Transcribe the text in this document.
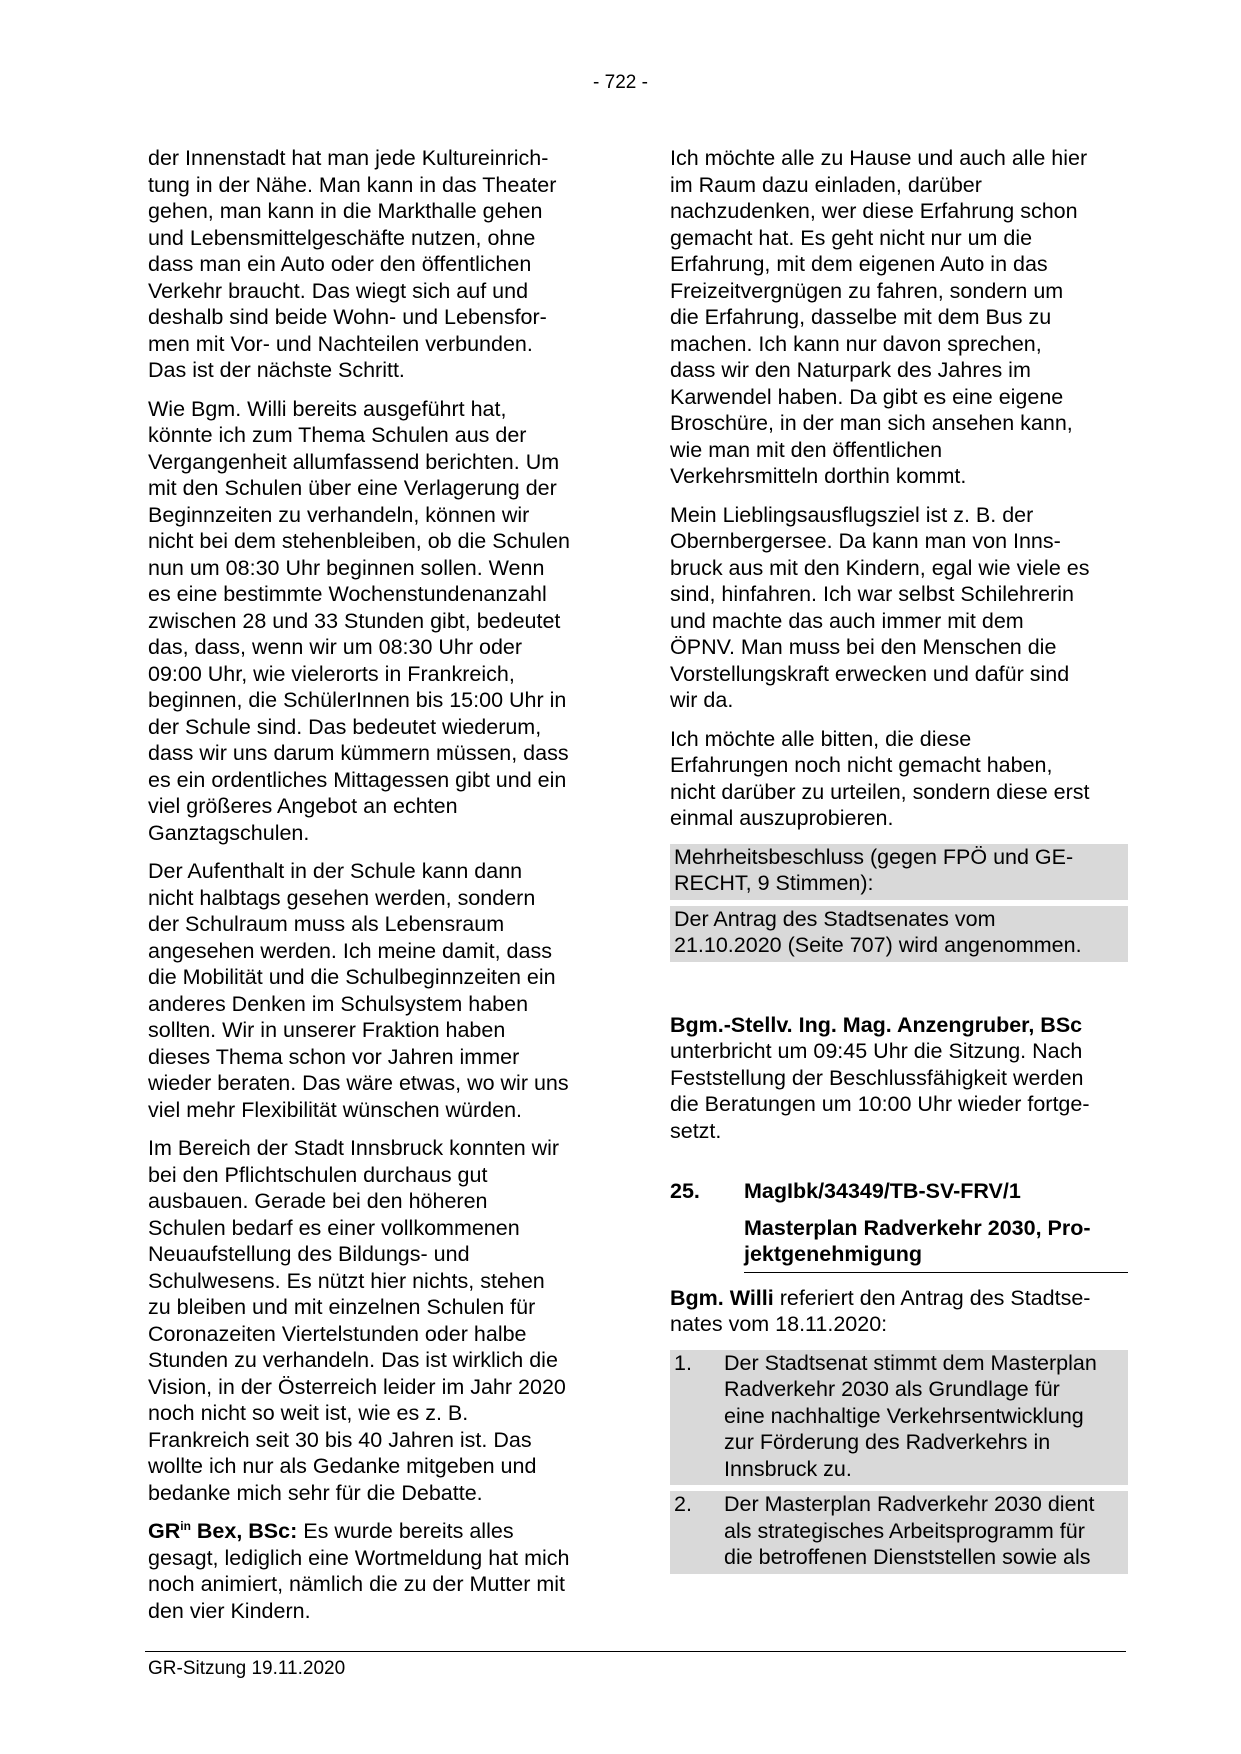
- 722 -

der Innenstadt hat man jede Kultureinrich-
tung in der Nähe. Man kann in das Theater
gehen, man kann in die Markthalle gehen
und Lebensmittelgeschäfte nutzen, ohne
dass man ein Auto oder den öffentlichen
Verkehr braucht. Das wiegt sich auf und
deshalb sind beide Wohn- und Lebensfor-
men mit Vor- und Nachteilen verbunden.
Das ist der nächste Schritt.

Wie Bgm. Willi bereits ausgeführt hat,
könnte ich zum Thema Schulen aus der
Vergangenheit allumfassend berichten. Um
mit den Schulen über eine Verlagerung der
Beginnzeiten zu verhandeln, können wir
nicht bei dem stehenbleiben, ob die Schulen
nun um 08:30 Uhr beginnen sollen. Wenn
es eine bestimmte Wochenstundenanzahl
zwischen 28 und 33 Stunden gibt, bedeutet
das, dass, wenn wir um 08:30 Uhr oder
09:00 Uhr, wie vielerorts in Frankreich,
beginnen, die SchülerInnen bis 15:00 Uhr in
der Schule sind. Das bedeutet wiederum,
dass wir uns darum kümmern müssen, dass
es ein ordentliches Mittagessen gibt und ein
viel größeres Angebot an echten
Ganztagschulen.

Der Aufenthalt in der Schule kann dann
nicht halbtags gesehen werden, sondern
der Schulraum muss als Lebensraum
angesehen werden. Ich meine damit, dass
die Mobilität und die Schulbeginnzeiten ein
anderes Denken im Schulsystem haben
sollten. Wir in unserer Fraktion haben
dieses Thema schon vor Jahren immer
wieder beraten. Das wäre etwas, wo wir uns
viel mehr Flexibilität wünschen würden.

Im Bereich der Stadt Innsbruck konnten wir
bei den Pflichtschulen durchaus gut
ausbauen. Gerade bei den höheren
Schulen bedarf es einer vollkommenen
Neuaufstellung des Bildungs- und
Schulwesens. Es nützt hier nichts, stehen
zu bleiben und mit einzelnen Schulen für
Coronazeiten Viertelstunden oder halbe
Stunden zu verhandeln. Das ist wirklich die
Vision, in der Österreich leider im Jahr 2020
noch nicht so weit ist, wie es z. B.
Frankreich seit 30 bis 40 Jahren ist. Das
wollte ich nur als Gedanke mitgeben und
bedanke mich sehr für die Debatte.

$GR^{in}$ Bex, BSc: Es wurde bereits alles
gesagt, lediglich eine Wortmeldung hat mich
noch animiert, nämlich die zu der Mutter mit
den vier Kindern.

Ich möchte alle zu Hause und auch alle hier
im Raum dazu einladen, darüber
nachzudenken, wer diese Erfahrung schon
gemacht hat. Es geht nicht nur um die
Erfahrung, mit dem eigenen Auto in das
Freizeitvergnügen zu fahren, sondern um
die Erfahrung, dasselbe mit dem Bus zu
machen. Ich kann nur davon sprechen,
dass wir den Naturpark des Jahres im
Karwendel haben. Da gibt es eine eigene
Broschüre, in der man sich ansehen kann,
wie man mit den öffentlichen
Verkehrsmitteln dorthin kommt.

Mein Lieblingsausflugsziel ist z. B. der
Obernbergersee. Da kann man von Inns-
bruck aus mit den Kindern, egal wie viele es
sind, hinfahren. Ich war selbst Schilehrerin
und machte das auch immer mit dem
ÖPNV. Man muss bei den Menschen die
Vorstellungskraft erwecken und dafür sind
wir da.

Ich möchte alle bitten, die diese
Erfahrungen noch nicht gemacht haben,
nicht darüber zu urteilen, sondern diese erst
einmal auszuprobieren.

Mehrheitsbeschluss (gegen FPÖ und GE-
RECHT, 9 Stimmen):

Der Antrag des Stadtsenates vom
21.10.2020 (Seite 707) wird angenommen.

Bgm.-Stellv. Ing. Mag. Anzengruber, BSc
unterbricht um 09:45 Uhr die Sitzung. Nach
Feststellung der Beschlussfähigkeit werden
die Beratungen um 10:00 Uhr wieder fortge-
setzt.

25.	MagIbk/34349/TB-SV-FRV/1
Masterplan Radverkehr 2030, Pro-
jektgenehmigung

Bgm. Willi referiert den Antrag des Stadtse-
nates vom 18.11.2020:

1.	Der Stadtsenat stimmt dem Masterplan
Radverkehr 2030 als Grundlage für
eine nachhaltige Verkehrsentwicklung
zur Förderung des Radverkehrs in
Innsbruck zu.
2.	Der Masterplan Radverkehr 2030 dient
als strategisches Arbeitsprogramm für
die betroffenen Dienststellen sowie als
GR-Sitzung 19.11.2020
